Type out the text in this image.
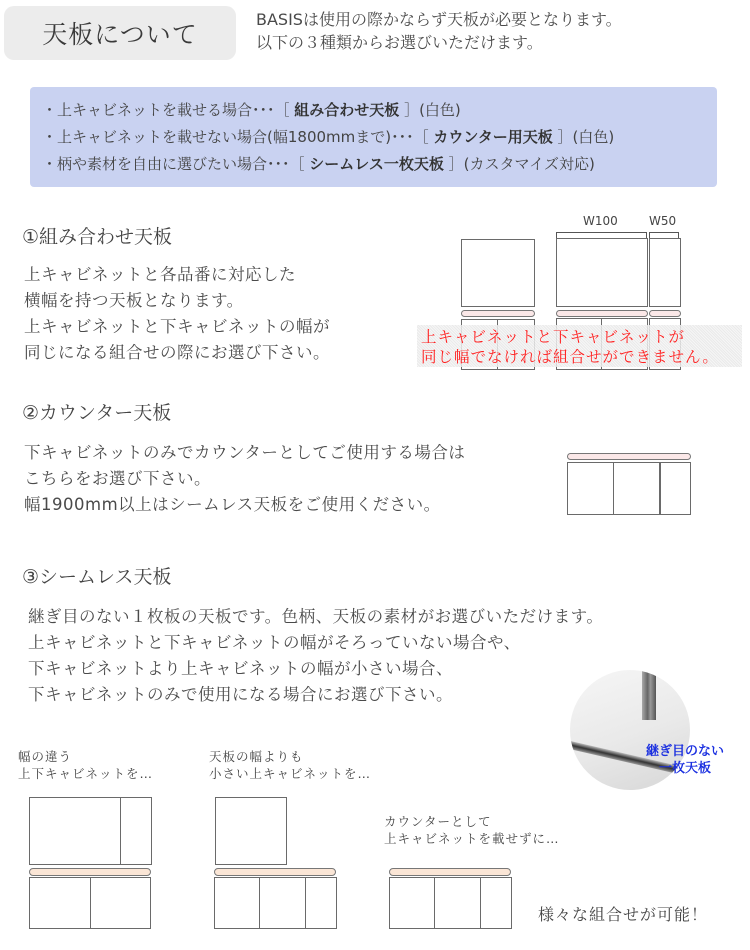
天板について
BASISは使用の際かならず天板が必要となります。
以下の３種類からお選びいただけます。
・上キャビネットを載せる場合･･･［ 組み合わせ天板 ］(白色)
・上キャビネットを載せない場合(幅1800mmまで)･･･［ カウンター用天板 ］(白色)
・柄や素材を自由に選びたい場合･･･［ シームレス一枚天板 ］(カスタマイズ対応)
①組み合わせ天板
上キャビネットと各品番に対応した
横幅を持つ天板となります。
上キャビネットと下キャビネットの幅が
同じになる組合せの際にお選び下さい。
W100	W50
上キャビネットと下キャビネットが
同じ幅でなければ組合せができません。
②カウンター天板
下キャビネットのみでカウンターとしてご使用する場合は
こちらをお選び下さい。
幅1900mm以上はシームレス天板をご使用ください。
③シームレス天板
継ぎ目のない１枚板の天板です。色柄、天板の素材がお選びいただけます。
上キャビネットと下キャビネットの幅がそろっていない場合や、
下キャビネットより上キャビネットの幅が小さい場合、
下キャビネットのみで使用になる場合にお選び下さい。
継ぎ目のない
一枚天板
幅の違う
上下キャビネットを…
天板の幅よりも
小さい上キャビネットを…
カウンターとして
上キャビネットを載せずに…
様々な組合せが可能！
